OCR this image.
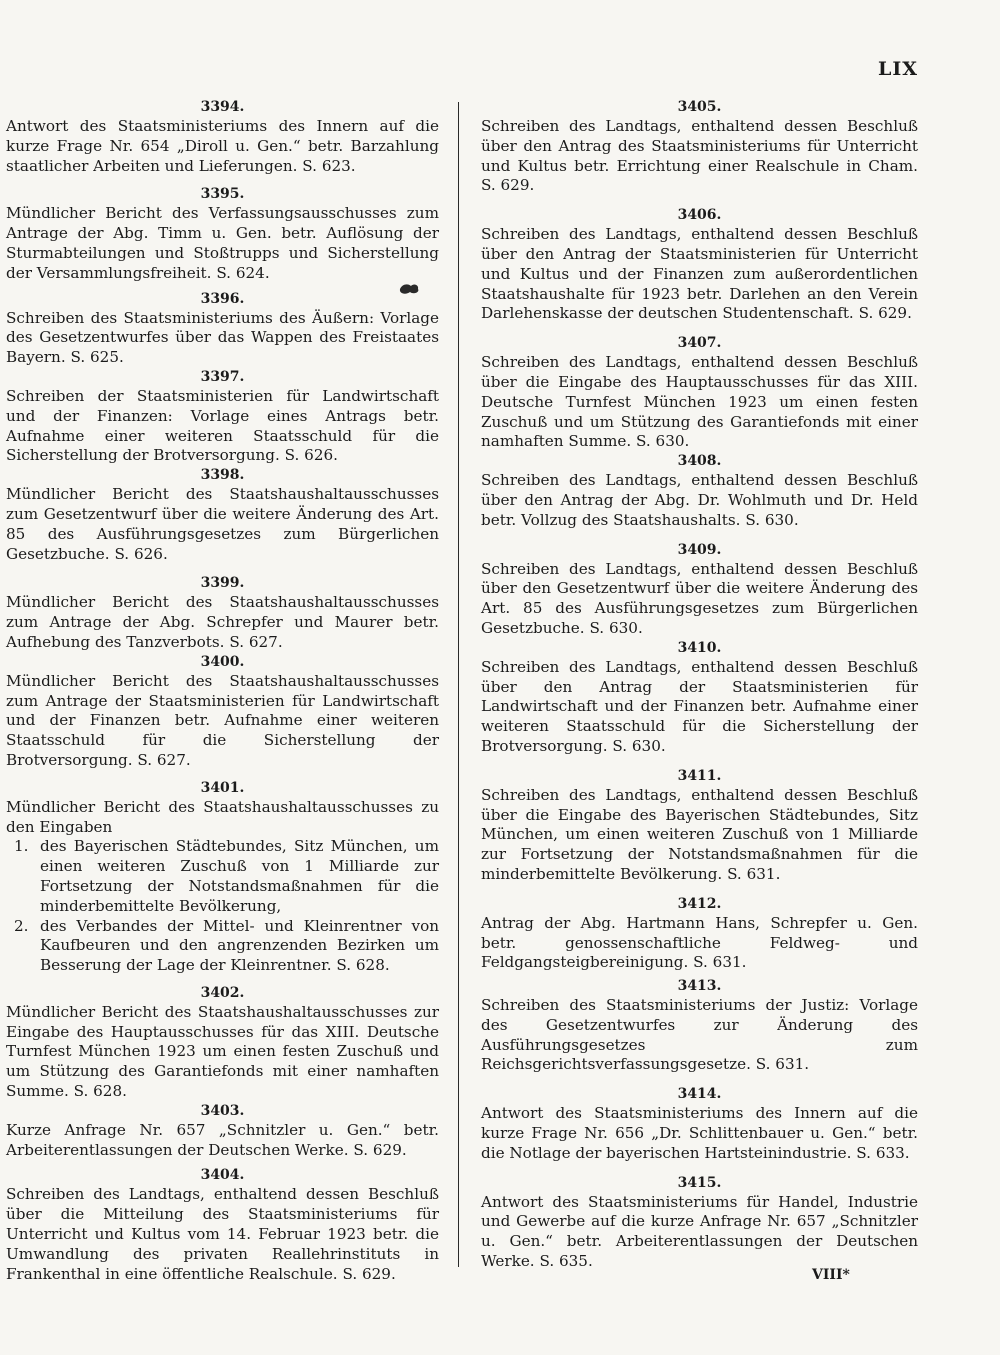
LIX
3394.

Antwort des Staatsministeriums des Innern auf die kurze Frage Nr. 654 „Diroll u. Gen.“ betr. Barzahlung staatlicher Arbeiten und Lieferungen. S. 623.

3395.

Mündlicher Bericht des Verfassungsausschusses zum Antrage der Abg. Timm u. Gen. betr. Auflösung der Sturmabteilungen und Stoßtrupps und Sicherstellung der Versammlungsfreiheit. S. 624.

3396.

Schreiben des Staatsministeriums des Äußern: Vorlage des Gesetzentwurfes über das Wappen des Freistaates Bayern. S. 625.

3397.

Schreiben der Staatsministerien für Landwirtschaft und der Finanzen: Vorlage eines Antrags betr. Aufnahme einer weiteren Staatsschuld für die Sicherstellung der Brotversorgung. S. 626.

3398.

Mündlicher Bericht des Staatshaushaltausschusses zum Gesetzentwurf über die weitere Änderung des Art. 85 des Ausführungsgesetzes zum Bürgerlichen Gesetzbuche. S. 626.

3399.

Mündlicher Bericht des Staatshaushaltausschusses zum Antrage der Abg. Schrepfer und Maurer betr. Aufhebung des Tanzverbots. S. 627.

3400.

Mündlicher Bericht des Staatshaushaltausschusses zum Antrage der Staatsministerien für Landwirtschaft und der Finanzen betr. Aufnahme einer weiteren Staatsschuld für die Sicherstellung der Brotversorgung. S. 627.

3401.

Mündlicher Bericht des Staatshaushaltausschusses zu den Eingaben

1. des Bayerischen Städtebundes, Sitz München, um einen weiteren Zuschuß von 1 Milliarde zur Fortsetzung der Notstandsmaßnahmen für die minderbemittelte Bevölkerung,
2. des Verbandes der Mittel- und Kleinrentner von Kaufbeuren und den angrenzenden Bezirken um Besserung der Lage der Kleinrentner. S. 628.
3402.

Mündlicher Bericht des Staatshaushaltausschusses zur Eingabe des Hauptausschusses für das XIII. Deutsche Turnfest München 1923 um einen festen Zuschuß und um Stützung des Garantiefonds mit einer namhaften Summe. S. 628.

3403.

Kurze Anfrage Nr. 657 „Schnitzler u. Gen.“ betr. Arbeiterentlassungen der Deutschen Werke. S. 629.

3404.

Schreiben des Landtags, enthaltend dessen Beschluß über die Mitteilung des Staatsministeriums für Unterricht und Kultus vom 14. Februar 1923 betr. die Umwandlung des privaten Reallehrinstituts in Frankenthal in eine öffentliche Realschule. S. 629.

3405.

Schreiben des Landtags, enthaltend dessen Beschluß über den Antrag des Staatsministeriums für Unterricht und Kultus betr. Errichtung einer Realschule in Cham. S. 629.

3406.

Schreiben des Landtags, enthaltend dessen Beschluß über den Antrag der Staatsministerien für Unterricht und Kultus und der Finanzen zum außerordentlichen Staatshaushalte für 1923 betr. Darlehen an den Verein Darlehenskasse der deutschen Studentenschaft. S. 629.

3407.

Schreiben des Landtags, enthaltend dessen Beschluß über die Eingabe des Hauptausschusses für das XIII. Deutsche Turnfest München 1923 um einen festen Zuschuß und um Stützung des Garantiefonds mit einer namhaften Summe. S. 630.

3408.

Schreiben des Landtags, enthaltend dessen Beschluß über den Antrag der Abg. Dr. Wohlmuth und Dr. Held betr. Vollzug des Staatshaushalts. S. 630.

3409.

Schreiben des Landtags, enthaltend dessen Beschluß über den Gesetzentwurf über die weitere Änderung des Art. 85 des Ausführungsgesetzes zum Bürgerlichen Gesetzbuche. S. 630.

3410.

Schreiben des Landtags, enthaltend dessen Beschluß über den Antrag der Staatsministerien für Landwirtschaft und der Finanzen betr. Aufnahme einer weiteren Staatsschuld für die Sicherstellung der Brotversorgung. S. 630.

3411.

Schreiben des Landtags, enthaltend dessen Beschluß über die Eingabe des Bayerischen Städtebundes, Sitz München, um einen weiteren Zuschuß von 1 Milliarde zur Fortsetzung der Notstandsmaßnahmen für die minderbemittelte Bevölkerung. S. 631.

3412.

Antrag der Abg. Hartmann Hans, Schrepfer u. Gen. betr. genossenschaftliche Feldweg- und Feldgangsteigbereinigung. S. 631.

3413.

Schreiben des Staatsministeriums der Justiz: Vorlage des Gesetzentwurfes zur Änderung des Ausführungsgesetzes zum Reichsgerichtsverfassungsgesetze. S. 631.

3414.

Antwort des Staatsministeriums des Innern auf die kurze Frage Nr. 656 „Dr. Schlittenbauer u. Gen.“ betr. die Notlage der bayerischen Hartsteinindustrie. S. 633.

3415.

Antwort des Staatsministeriums für Handel, Industrie und Gewerbe auf die kurze Anfrage Nr. 657 „Schnitzler u. Gen.“ betr. Arbeiterentlassungen der Deutschen Werke. S. 635.

VIII*
